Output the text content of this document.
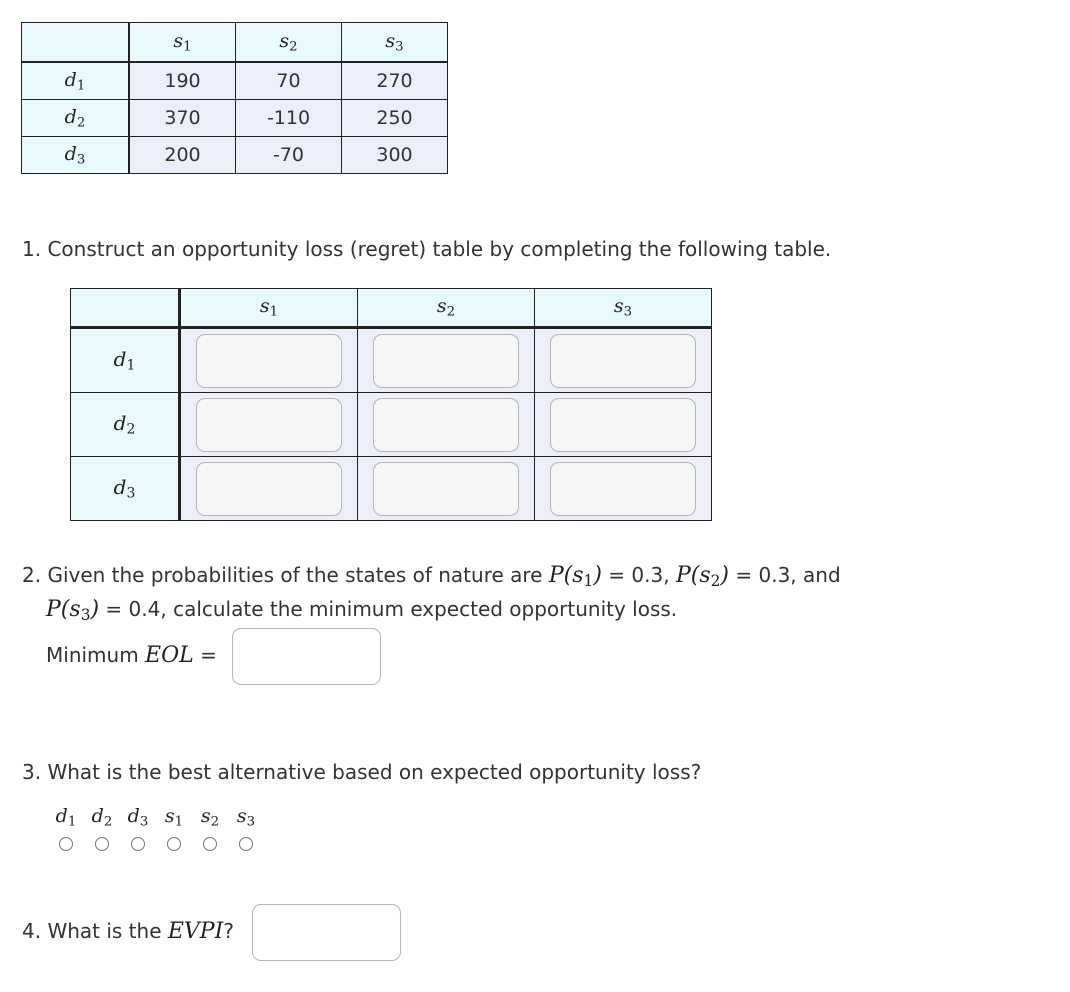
	$s_1$	$s_2$	$s_3$
$d_1$	190	70	270
$d_2$	370	-110	250
$d_3$	200	-70	300
1. Construct an opportunity loss (regret) table by completing the following table.
	$s_1$	$s_2$	$s_3$
$d_1$	

$d_2$	

$d_3$	

2. Given the probabilities of the states of nature are $P(s_1) = 0.3$, $P(s_2) = 0.3$, and
$P(s_3) = 0.4$, calculate the minimum expected opportunity loss.
Minimum EOL =
3. What is the best alternative based on expected opportunity loss?
$d_1$ $d_2$ $d_3$ $s_1$ $s_2$ $s_3$
4. What is the EVPI?
